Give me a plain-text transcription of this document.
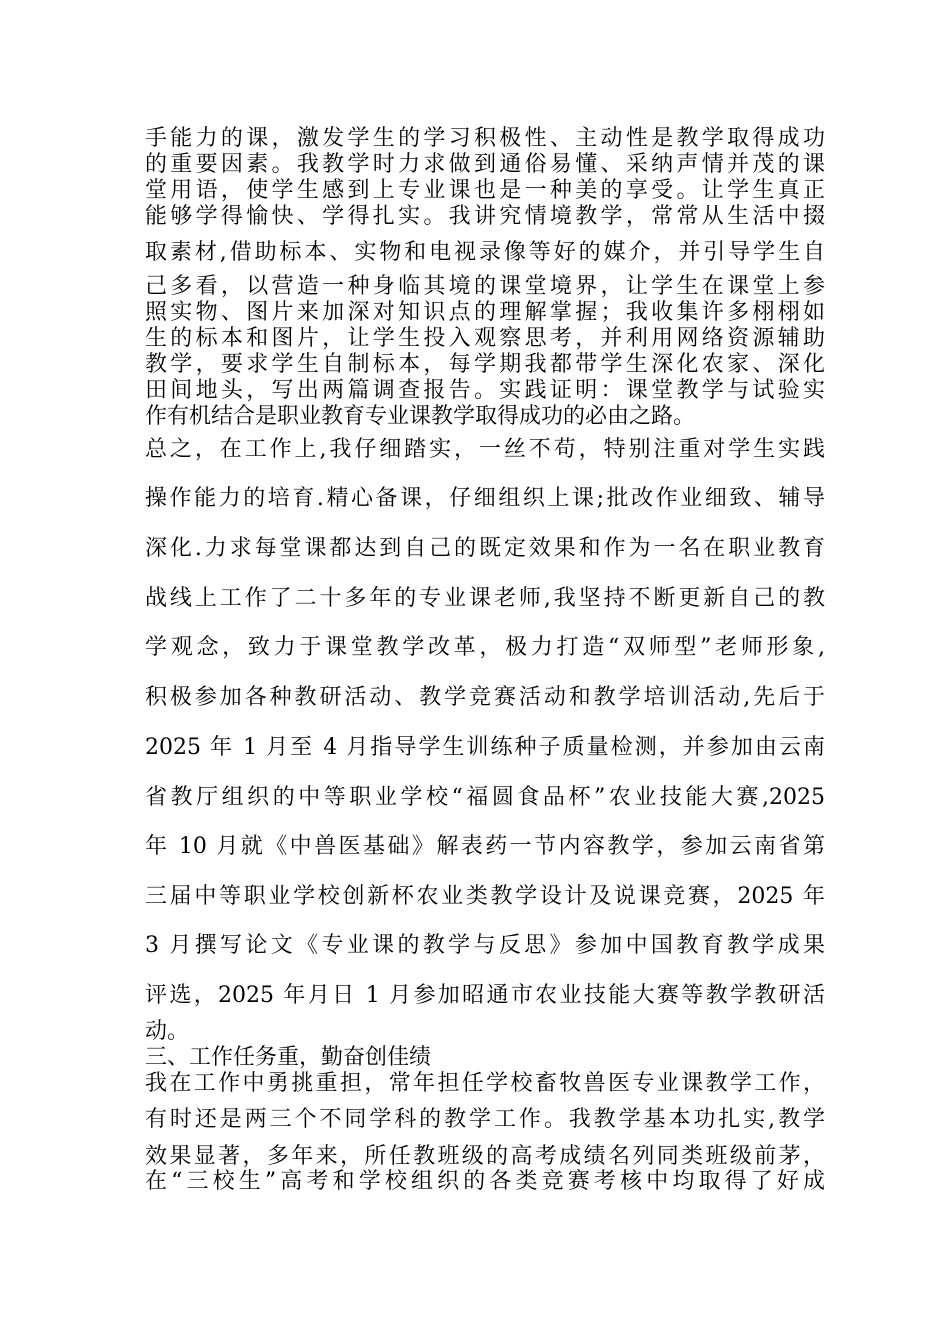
手能力的课，激发学生的学习积极性、主动性是教学取得成功
的重要因素。我教学时力求做到通俗易懂、采纳声情并茂的课
堂用语，使学生感到上专业课也是一种美的享受。让学生真正
能够学得愉快、学得扎实。我讲究情境教学，常常从生活中掇
取素材,借助标本、实物和电视录像等好的媒介，并引导学生自
己多看，以营造一种身临其境的课堂境界，让学生在课堂上参
照实物、图片来加深对知识点的理解掌握；我收集许多栩栩如
生的标本和图片，让学生投入观察思考，并利用网络资源辅助
教学，要求学生自制标本，每学期我都带学生深化农家、深化
田间地头，写出两篇调查报告。实践证明：课堂教学与试验实
作有机结合是职业教育专业课教学取得成功的必由之路。
总之，在工作上,我仔细踏实，一丝不苟，特别注重对学生实践
操作能力的培育.精心备课，仔细组织上课;批改作业细致、辅导
深化.力求每堂课都达到自己的既定效果和作为一名在职业教育
战线上工作了二十多年的专业课老师,我坚持不断更新自己的教
学观念，致力于课堂教学改革，极力打造“双师型”老师形象,
积极参加各种教研活动、教学竞赛活动和教学培训活动,先后于
2025 年 1 月至 4 月指导学生训练种子质量检测，并参加由云南
省教厅组织的中等职业学校“福圆食品杯”农业技能大赛,2025
年 10 月就《中兽医基础》解表药一节内容教学，参加云南省第
三届中等职业学校创新杯农业类教学设计及说课竞赛，2025 年
3 月撰写论文《专业课的教学与反思》参加中国教育教学成果
评选，2025 年月日 1 月参加昭通市农业技能大赛等教学教研活
动。
三、工作任务重，勤奋创佳绩
我在工作中勇挑重担，常年担任学校畜牧兽医专业课教学工作，
有时还是两三个不同学科的教学工作。我教学基本功扎实,教学
效果显著，多年来，所任教班级的高考成绩名列同类班级前茅，
在“三校生”高考和学校组织的各类竞赛考核中均取得了好成
